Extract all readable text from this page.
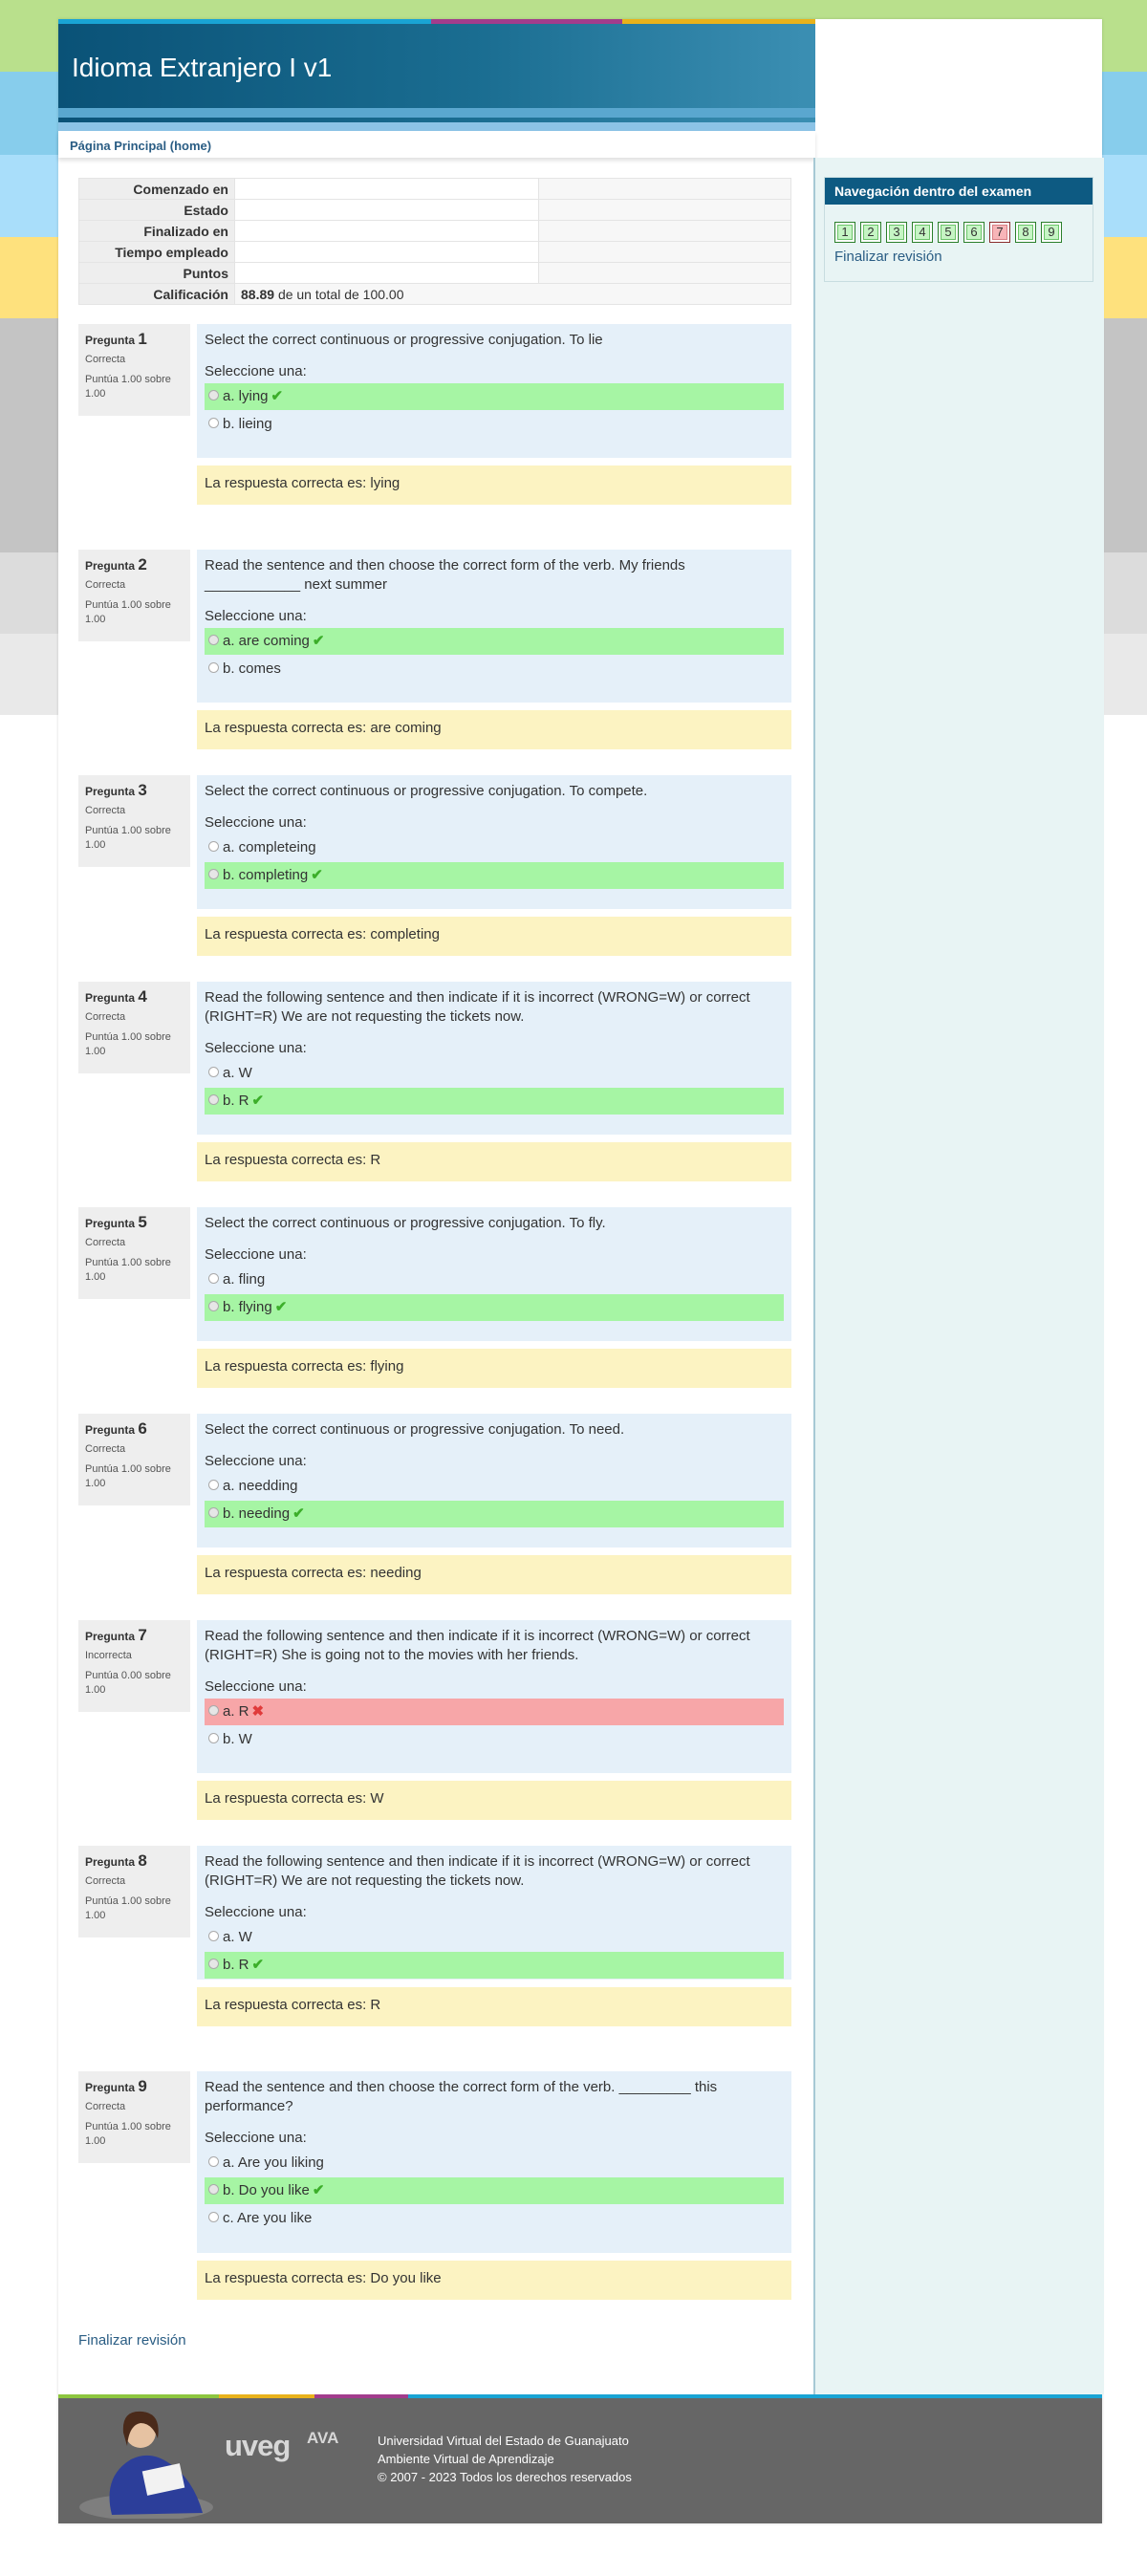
Idioma Extranjero I v1
Página Principal (home)
Comenzado en		
Estado		
Finalizado en		
Tiempo empleado		
Puntos		
Calificación	88.89 de un total de 100.00	
Pregunta 1
Correcta
Puntúa 1.00 sobre 1.00
Select the correct continuous or progressive conjugation. To lie
Seleccione una:
a. lying ✔
b. lieing
La respuesta correcta es: lying
Pregunta 2
Correcta
Puntúa 1.00 sobre 1.00
Read the sentence and then choose the correct form of the verb. My friends ____________ next summer
Seleccione una:
a. are coming ✔
b. comes
La respuesta correcta es: are coming
Pregunta 3
Correcta
Puntúa 1.00 sobre 1.00
Select the correct continuous or progressive conjugation. To compete.
Seleccione una:
a. completeing
b. completing ✔
La respuesta correcta es: completing
Pregunta 4
Correcta
Puntúa 1.00 sobre 1.00
Read the following sentence and then indicate if it is incorrect (WRONG=W) or correct (RIGHT=R) We are not requesting the tickets now.
Seleccione una:
a. W
b. R ✔
La respuesta correcta es: R
Pregunta 5
Correcta
Puntúa 1.00 sobre 1.00
Select the correct continuous or progressive conjugation. To fly.
Seleccione una:
a. fling
b. flying ✔
La respuesta correcta es: flying
Pregunta 6
Correcta
Puntúa 1.00 sobre 1.00
Select the correct continuous or progressive conjugation. To need.
Seleccione una:
a. needding
b. needing ✔
La respuesta correcta es: needing
Pregunta 7
Incorrecta
Puntúa 0.00 sobre 1.00
Read the following sentence and then indicate if it is incorrect (WRONG=W) or correct (RIGHT=R) She is going not to the movies with her friends.
Seleccione una:
a. R ✖
b. W
La respuesta correcta es: W
Pregunta 8
Correcta
Puntúa 1.00 sobre 1.00
Read the following sentence and then indicate if it is incorrect (WRONG=W) or correct (RIGHT=R) We are not requesting the tickets now.
Seleccione una:
a. W
b. R ✔
La respuesta correcta es: R
Pregunta 9
Correcta
Puntúa 1.00 sobre 1.00
Read the sentence and then choose the correct form of the verb. _________ this performance?
Seleccione una:
a. Are you liking
b. Do you like ✔
c. Are you like
La respuesta correcta es: Do you like
Finalizar revisión
Navegación dentro del examen
1	2	3	4	5	6	7	8	9
Finalizar revisión
uveg AVA	Universidad Virtual del Estado de Guanajuato
Ambiente Virtual de Aprendizaje
© 2007 - 2023 Todos los derechos reservados
